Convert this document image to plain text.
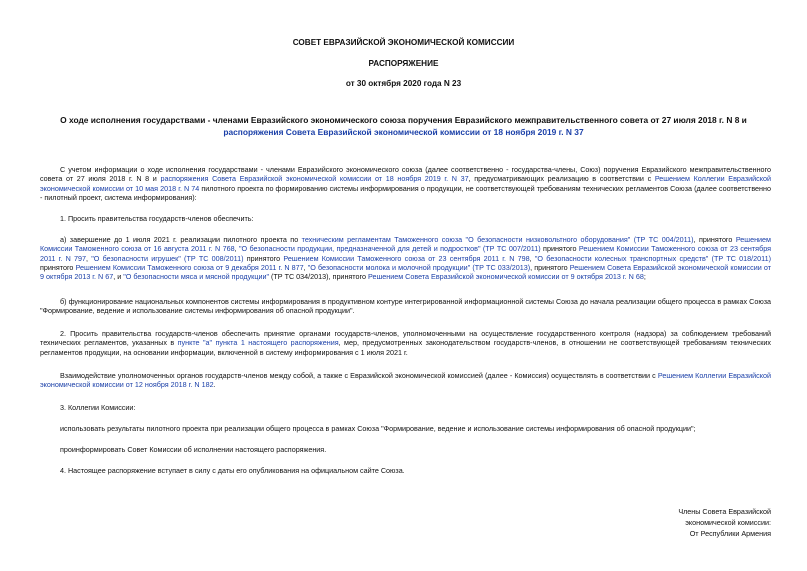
СОВЕТ ЕВРАЗИЙСКОЙ ЭКОНОМИЧЕСКОЙ КОМИССИИ
РАСПОРЯЖЕНИЕ
от 30 октября 2020 года N 23
О ходе исполнения государствами - членами Евразийского экономического союза поручения Евразийского межправительственного совета от 27 июля 2018 г. N 8 и
распоряжения Совета Евразийской экономической комиссии от 18 ноября 2019 г. N 37
С учетом информации о ходе исполнения государствами - членами Евразийского экономического союза (далее соответственно - государства-члены, Союз) поручения Евразийского межправительственного совета от 27 июля 2018 г. N 8 и распоряжения Совета Евразийской экономической комиссии от 18 ноября 2019 г. N 37, предусматривающих реализацию в соответствии с Решением Коллегии Евразийской экономической комиссии от 10 мая 2018 г. N 74 пилотного проекта по формированию системы информирования о продукции, не соответствующей требованиям технических регламентов Союза (далее соответственно - пилотный проект, система информирования):
1. Просить правительства государств-членов обеспечить:
а) завершение до 1 июля 2021 г. реализации пилотного проекта по техническим регламентам Таможенного союза "О безопасности низковольтного оборудования" (ТР ТС 004/2011), принятого Решением Комиссии Таможенного союза от 16 августа 2011 г. N 768, "О безопасности продукции, предназначенной для детей и подростков" (ТР ТС 007/2011) принятого Решением Комиссии Таможенного союза от 23 сентября 2011 г. N 797, "О безопасности игрушек" (ТР ТС 008/2011) принятого Решением Комиссии Таможенного союза от 23 сентября 2011 г. N 798, "О безопасности колесных транспортных средств" (ТР ТС 018/2011) принятого Решением Комиссии Таможенного союза от 9 декабря 2011 г. N 877, "О безопасности молока и молочной продукции" (ТР ТС 033/2013), принятого Решением Совета Евразийской экономической комиссии от 9 октября 2013 г. N 67, и "О безопасности мяса и мясной продукции" (ТР ТС 034/2013), принятого Решением Совета Евразийской экономической комиссии от 9 октября 2013 г. N 68;
б) функционирование национальных компонентов системы информирования в продуктивном контуре интегрированной информационной системы Союза до начала реализации общего процесса в рамках Союза "Формирование, ведение и использование системы информирования об опасной продукции".
2. Просить правительства государств-членов обеспечить принятие органами государств-членов, уполномоченными на осуществление государственного контроля (надзора) за соблюдением требований технических регламентов, указанных в пункте "а" пункта 1 настоящего распоряжения, мер, предусмотренных законодательством государств-членов, в отношении не соответствующей требованиям технических регламентов продукции, на основании информации, включенной в систему информирования с 1 июля 2021 г.
Взаимодействие уполномоченных органов государств-членов между собой, а также с Евразийской экономической комиссией (далее - Комиссия) осуществлять в соответствии с Решением Коллегии Евразийской экономической комиссии от 12 ноября 2018 г. N 182.
3. Коллегии Комиссии:
использовать результаты пилотного проекта при реализации общего процесса в рамках Союза "Формирование, ведение и использование системы информирования об опасной продукции";
проинформировать Совет Комиссии об исполнении настоящего распоряжения.
4. Настоящее распоряжение вступает в силу с даты его опубликования на официальном сайте Союза.
Члены Совета Евразийской
экономической комиссии:
От Республики Армения
